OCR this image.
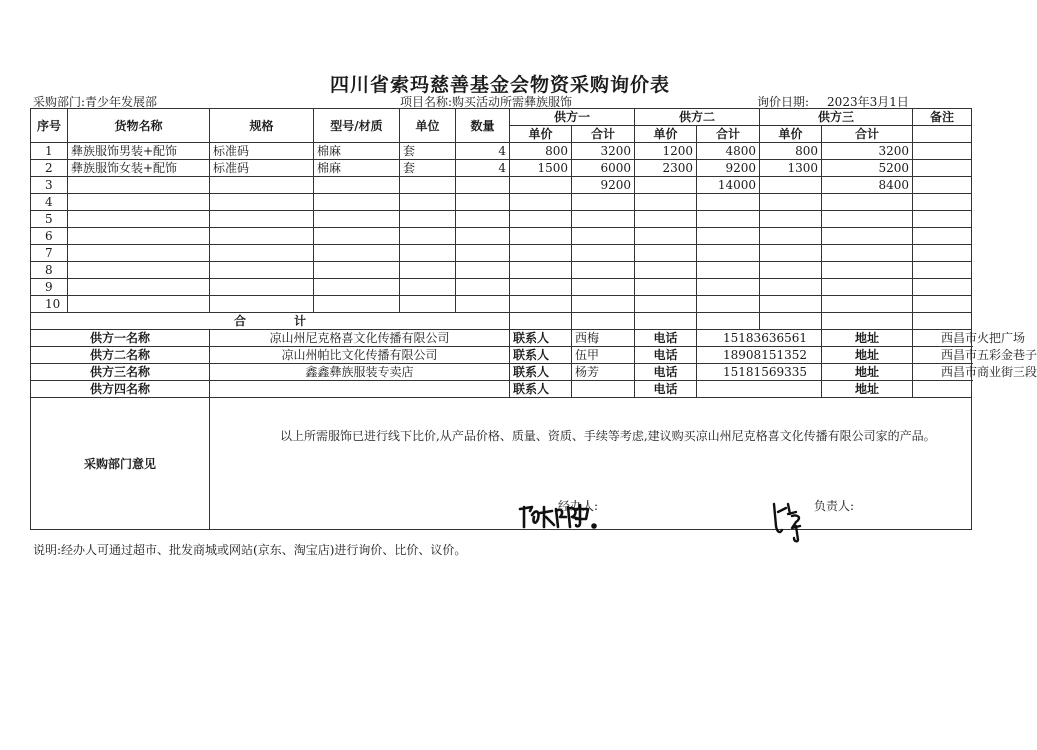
四川省索玛慈善基金会物资采购询价表
采购部门:青少年发展部	项目名称:购买活动所需彝族服饰	询价日期: 2023年3月1日
序号	货物名称	规格	型号/材质	单位	数量	供方一		供方二		供方三		备注
						单价	合计	单价	合计	单价	合计	
1	彝族服饰男装+配饰	标准码	棉麻	套	4	800	3200	1200	4800	800	3200	
2	彝族服饰女装+配饰	标准码	棉麻	套	4	1500	6000	2300	9200	1300	5200	
3							9200		14000		8400	
4												
5												
6												
7												
8												
9												
10												
合 计												
供方一名称		凉山州尼克格喜文化传播有限公司				联系人	西梅	电话	15183636561		地址	西昌市火把广场
供方二名称		凉山州帕比文化传播有限公司				联系人	伍甲	电话	18908151352		地址	西昌市五彩金巷子
供方三名称		鑫鑫彝族服装专卖店				联系人	杨芳	电话	15181569335		地址	西昌市商业街三段
供方四名称						联系人		电话			地址	
采购部门意见		以上所需服饰已进行线下比价,从产品价格、质量、资质、手续等考虑,建议购买凉山州尼克格喜文化传播有限公司家的产品。
经办人: 负责人:										
说明:经办人可通过超市、批发商城或网站(京东、淘宝店)进行询价、比价、议价。
